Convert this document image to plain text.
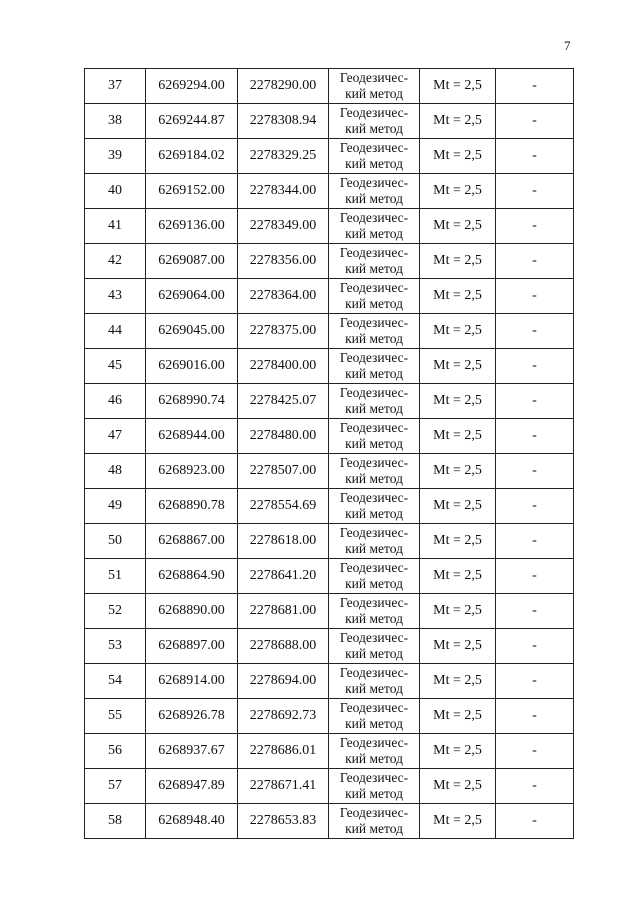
7
37	6269294.00	2278290.00	Геодезичес-
кий метод	Mt = 2,5	-
38	6269244.87	2278308.94	Геодезичес-
кий метод	Mt = 2,5	-
39	6269184.02	2278329.25	Геодезичес-
кий метод	Mt = 2,5	-
40	6269152.00	2278344.00	Геодезичес-
кий метод	Mt = 2,5	-
41	6269136.00	2278349.00	Геодезичес-
кий метод	Mt = 2,5	-
42	6269087.00	2278356.00	Геодезичес-
кий метод	Mt = 2,5	-
43	6269064.00	2278364.00	Геодезичес-
кий метод	Mt = 2,5	-
44	6269045.00	2278375.00	Геодезичес-
кий метод	Mt = 2,5	-
45	6269016.00	2278400.00	Геодезичес-
кий метод	Mt = 2,5	-
46	6268990.74	2278425.07	Геодезичес-
кий метод	Mt = 2,5	-
47	6268944.00	2278480.00	Геодезичес-
кий метод	Mt = 2,5	-
48	6268923.00	2278507.00	Геодезичес-
кий метод	Mt = 2,5	-
49	6268890.78	2278554.69	Геодезичес-
кий метод	Mt = 2,5	-
50	6268867.00	2278618.00	Геодезичес-
кий метод	Mt = 2,5	-
51	6268864.90	2278641.20	Геодезичес-
кий метод	Mt = 2,5	-
52	6268890.00	2278681.00	Геодезичес-
кий метод	Mt = 2,5	-
53	6268897.00	2278688.00	Геодезичес-
кий метод	Mt = 2,5	-
54	6268914.00	2278694.00	Геодезичес-
кий метод	Mt = 2,5	-
55	6268926.78	2278692.73	Геодезичес-
кий метод	Mt = 2,5	-
56	6268937.67	2278686.01	Геодезичес-
кий метод	Mt = 2,5	-
57	6268947.89	2278671.41	Геодезичес-
кий метод	Mt = 2,5	-
58	6268948.40	2278653.83	Геодезичес-
кий метод	Mt = 2,5	-
